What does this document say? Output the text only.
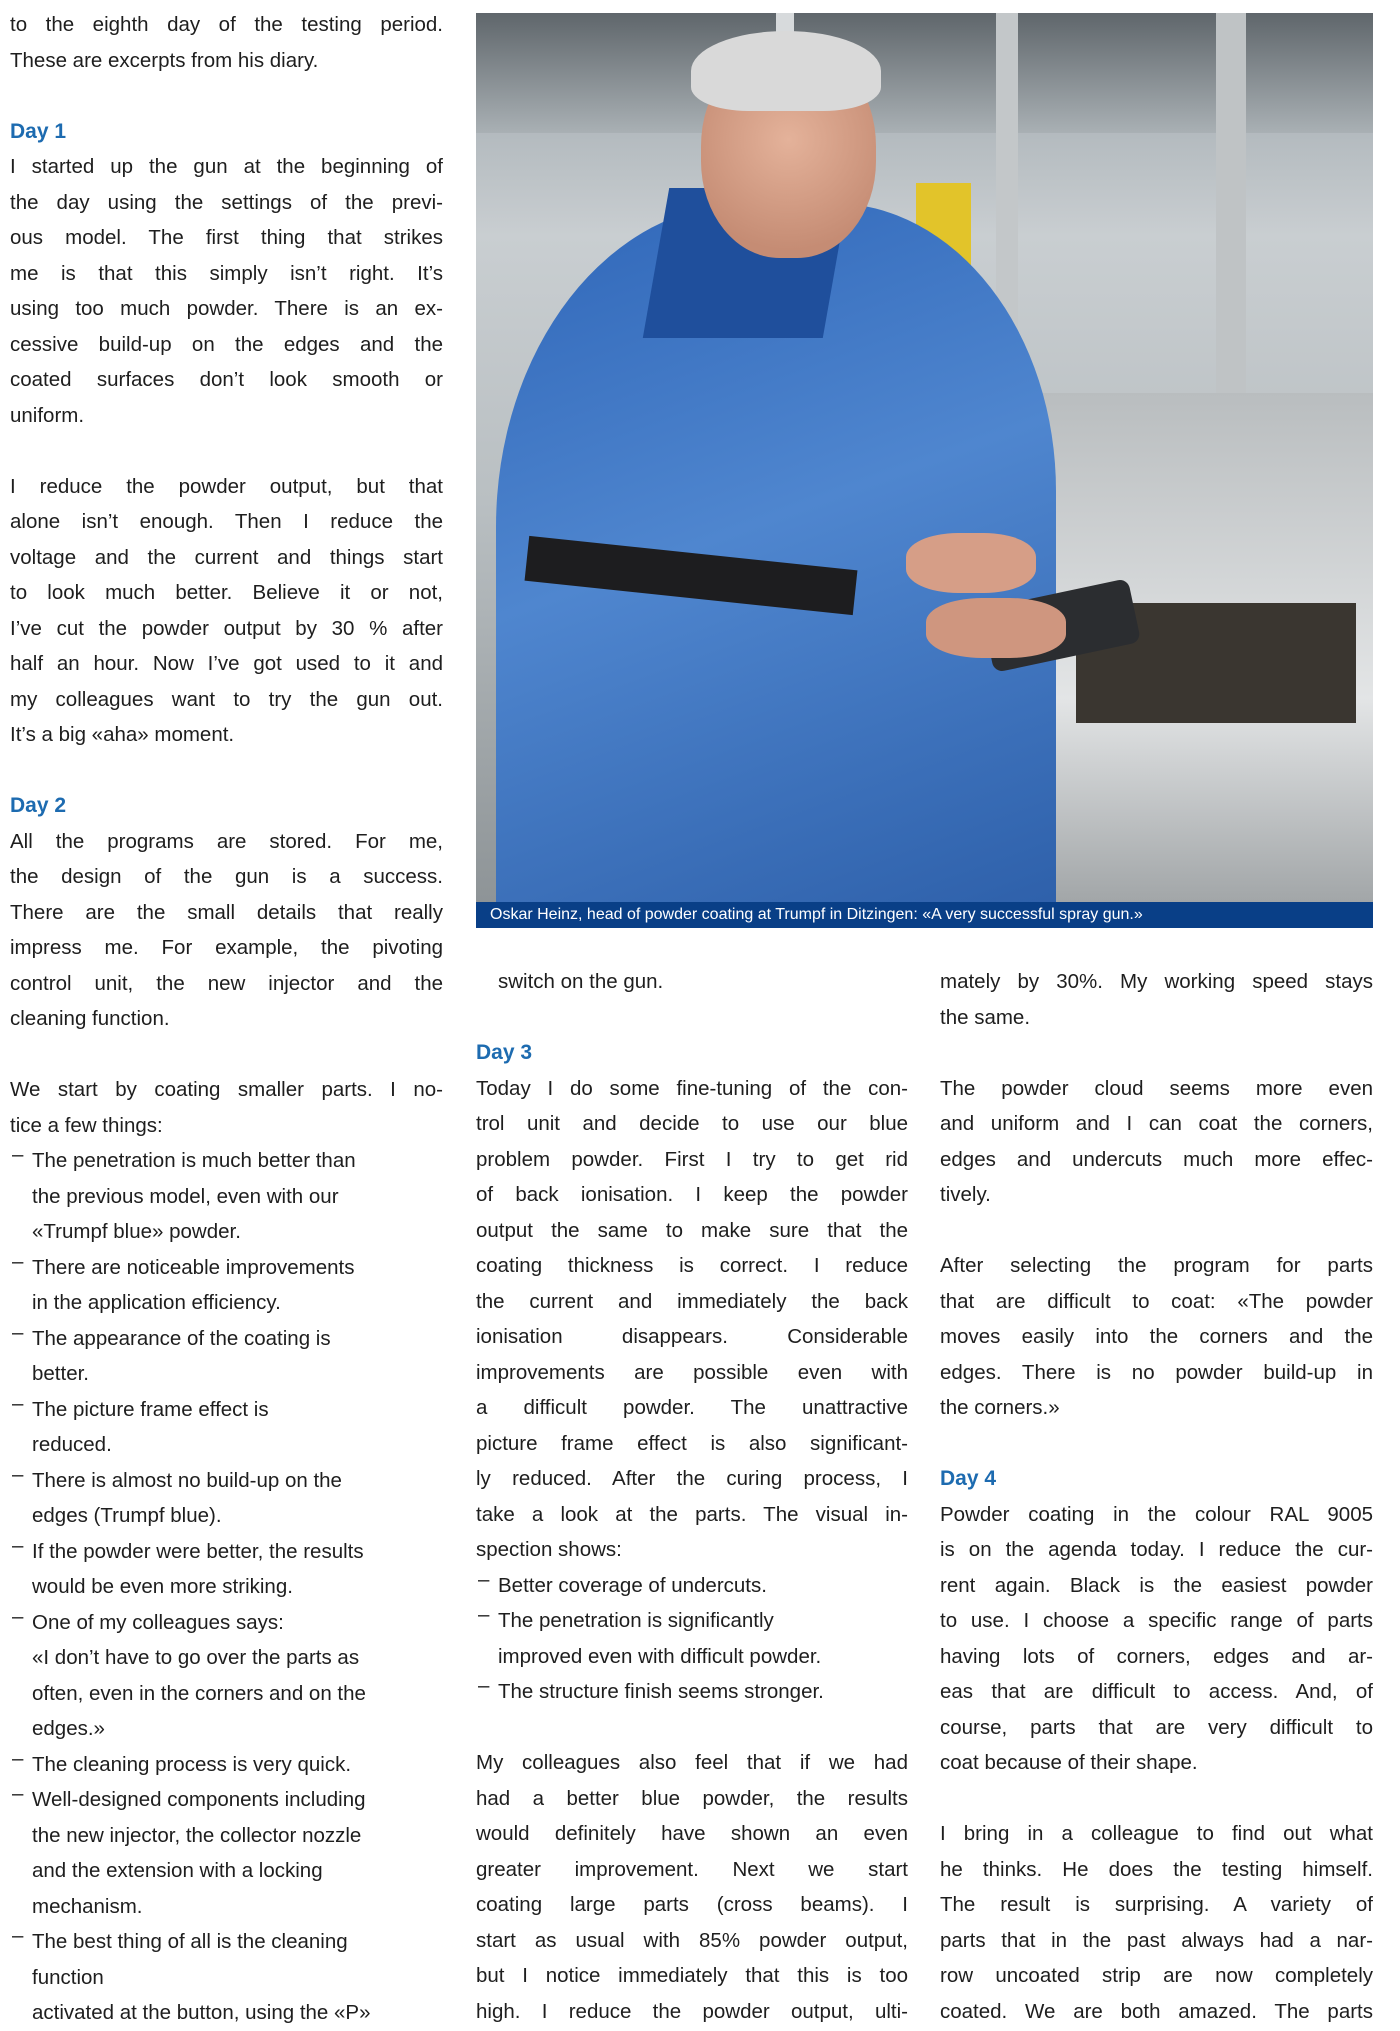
Oskar Heinz, head of powder coating at Trumpf in Ditzingen: «A very successful spray gun.»
to the eighth day of the testing period.
These are excerpts from his diary.
Day 1
I started up the gun at the beginning of
the day using the settings of the previ-
ous model. The first thing that strikes
me is that this simply isn’t right. It’s
using too much powder. There is an ex-
cessive build-up on the edges and the
coated surfaces don’t look smooth or
uniform.
I reduce the powder output, but that
alone isn’t enough. Then I reduce the
voltage and the current and things start
to look much better. Believe it or not,
I’ve cut the powder output by 30 % after
half an hour. Now I’ve got used to it and
my colleagues want to try the gun out.
It’s a big «aha» moment.
Day 2
All the programs are stored. For me,
the design of the gun is a success.
There are the small details that really
impress me. For example, the pivoting
control unit, the new injector and the
cleaning function.
We start by coating smaller parts. I no-
tice a few things:
– The penetration is much better than
the previous model, even with our
«Trumpf blue» powder.
– There are noticeable improvements
in the application efficiency.
– The appearance of the coating is
better.
– The picture frame effect is
reduced.
– There is almost no build-up on the
edges (Trumpf blue).
– If the powder were better, the results
would be even more striking.
– One of my colleagues says:
«I don’t have to go over the parts as
often, even in the corners and on the
edges.»
– The cleaning process is very quick.
– Well-designed components including
the new injector, the collector nozzle
and the extension with a locking
mechanism.
– The best thing of all is the cleaning
function
activated at the button, using the «P»
switch on the gun.
Day 3
Today I do some fine-tuning of the con-
trol unit and decide to use our blue
problem powder. First I try to get rid
of back ionisation. I keep the powder
output the same to make sure that the
coating thickness is correct. I reduce
the current and immediately the back
ionisation disappears. Considerable
improvements are possible even with
a difficult powder. The unattractive
picture frame effect is also significant-
ly reduced. After the curing process, I
take a look at the parts. The visual in-
spection shows:
– Better coverage of undercuts.
– The penetration is significantly
improved even with difficult powder.
– The structure finish seems stronger.
My colleagues also feel that if we had
had a better blue powder, the results
would definitely have shown an even
greater improvement. Next we start
coating large parts (cross beams). I
start as usual with 85% powder output,
but I notice immediately that this is too
high. I reduce the powder output, ulti-
mately by 30%. My working speed stays
the same.
The powder cloud seems more even
and uniform and I can coat the corners,
edges and undercuts much more effec-
tively.
After selecting the program for parts
that are difficult to coat: «The powder
moves easily into the corners and the
edges. There is no powder build-up in
the corners.»
Day 4
Powder coating in the colour RAL 9005
is on the agenda today. I reduce the cur-
rent again. Black is the easiest powder
to use. I choose a specific range of parts
having lots of corners, edges and ar-
eas that are difficult to access. And, of
course, parts that are very difficult to
coat because of their shape.
I bring in a colleague to find out what
he thinks. He does the testing himself.
The result is surprising. A variety of
parts that in the past always had a nar-
row uncoated strip are now completely
coated. We are both amazed. The parts
